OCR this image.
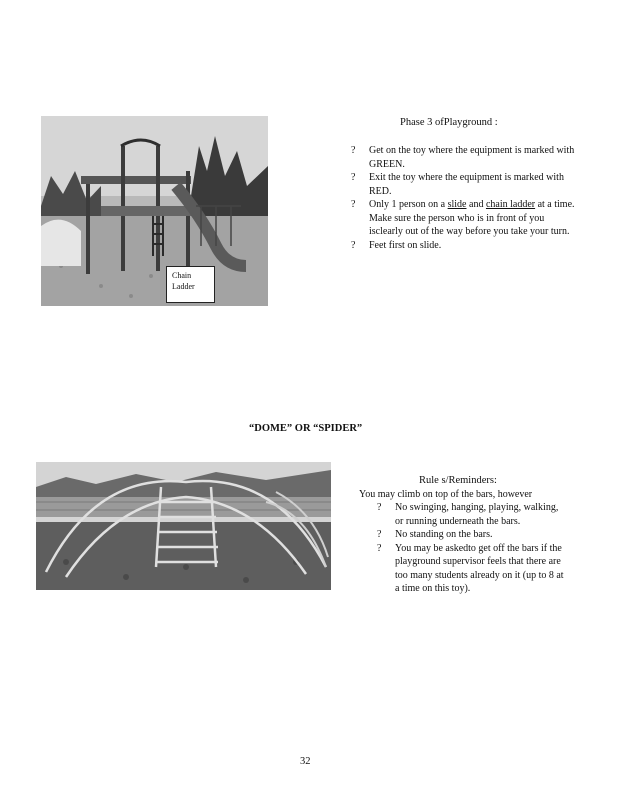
Chain
Ladder
Phase 3 ofPlayground :
? Get on the toy where the equipment is marked with GREEN.
? Exit the toy where the equipment is marked with RED.
? Only 1 person on a slide and chain ladder at a time. Make sure the person who is in front of you isclearly out of the way before you take your turn.
? Feet first on slide.
“DOME” OR “SPIDER”
Rule s/Reminders:
You may climb on top of the bars, however
? No swinging, hanging, playing, walking, or running underneath the bars.
? No standing on the bars.
? You may be askedto get off the bars if the playground supervisor feels that there are too many students already on it (up to 8 at a time on this toy).
32
